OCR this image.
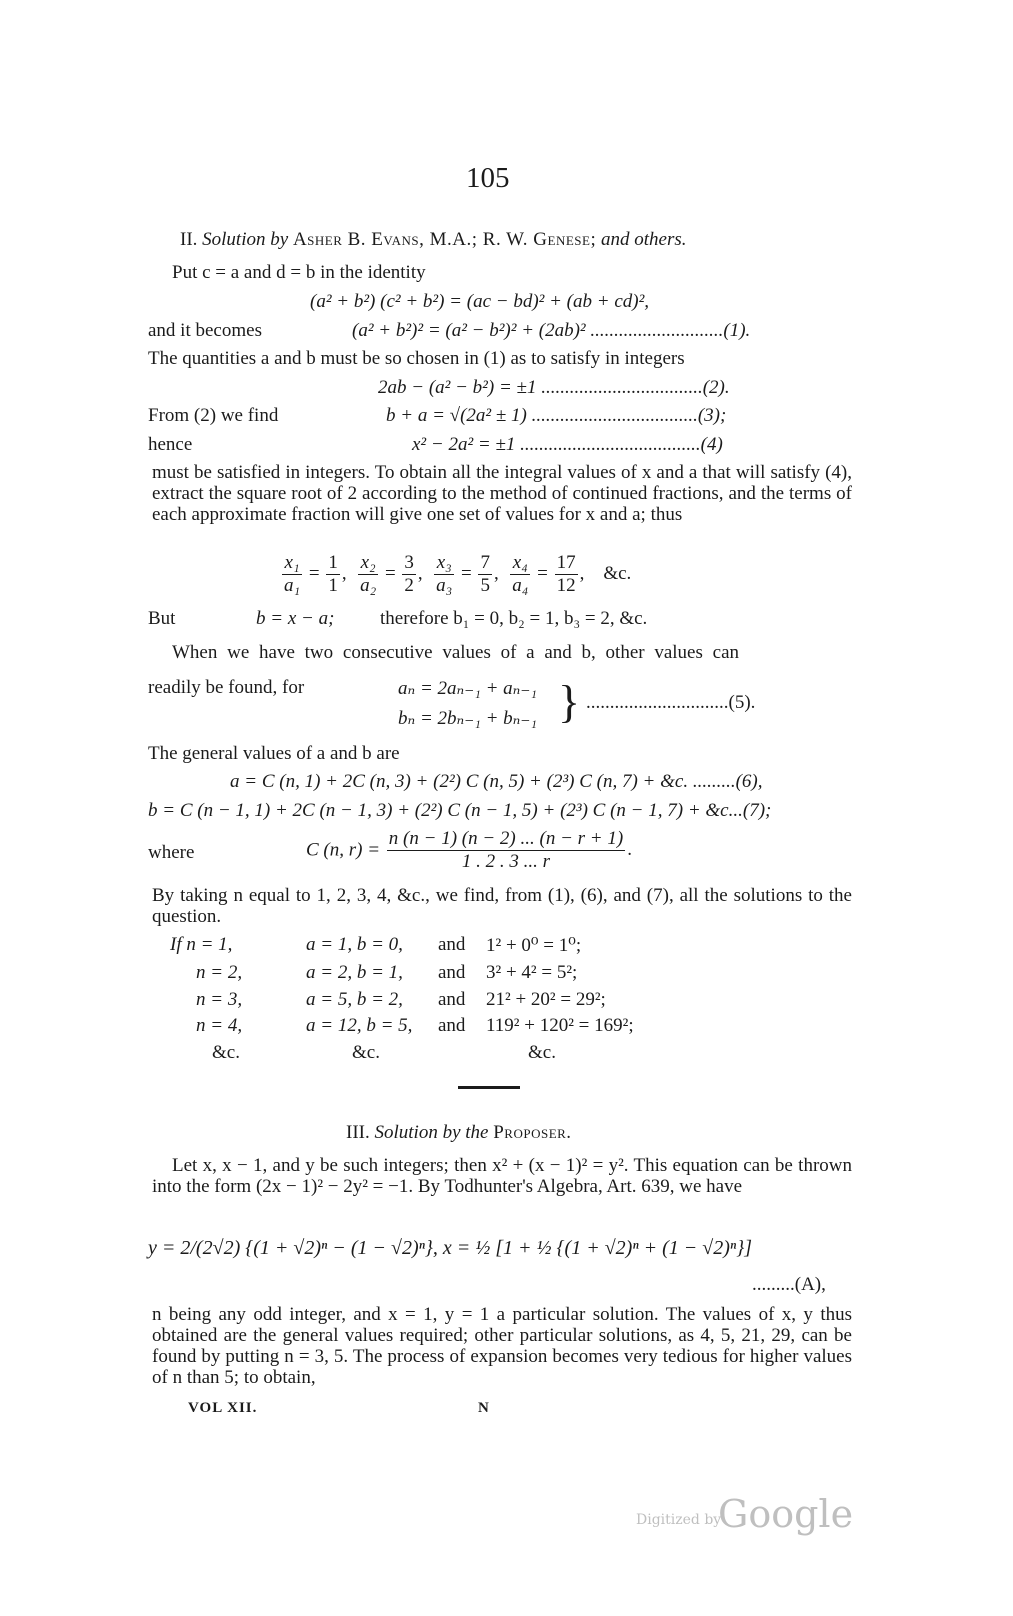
105
II. Solution by Asher B. Evans, M.A.; R. W. Genese; and others.
Put c = a and d = b in the identity
(a² + b²) (c² + b²) = (ac − bd)² + (ab + cd)²,
and it becomes	(a² + b²)² = (a² − b²)² + (2ab)² ............................(1).
The quantities a and b must be so chosen in (1) as to satisfy in integers
2ab − (a² − b²) = ±1 ..................................(2).
From (2) we find	b + a = √(2a² ± 1) ...................................(3);
hence	x² − 2a² = ±1 ......................................(4)
must be satisfied in integers. To obtain all the integral values of x and a that will satisfy (4), extract the square root of 2 according to the method of continued fractions, and the terms of each approximate fraction will give one set of values for x and a; thus
$\frac{\text{x₁}}{\text{a₁}} = \frac{1}{1}$ , $\frac{\text{x₂}}{\text{a₂}} = \frac{3}{2}$ , $\frac{\text{x₃}}{\text{a₃}} = \frac{7}{5}$ , $\frac{\text{x₄}}{\text{a₄}} = \frac{17}{12}$ ,    &c.
But	b = x − a; therefore b₁ = 0, b₂ = 1, b₃ = 2, &c.
When we have two consecutive values of a and b, other values can
readily be found, for	aₙ = 2aₙ₋₁ + aₙ₋₁
bₙ = 2bₙ₋₁ + bₙ₋₁ } ..............................(5).
The general values of a and b are
a = C (n, 1) + 2C (n, 3) + (2²) C (n, 5) + (2³) C (n, 7) + &c. .........(6),
b = C (n − 1, 1) + 2C (n − 1, 3) + (2²) C (n − 1, 5) + (2³) C (n − 1, 7) + &c...(7);
where	C (n, $r) = \frac{n (n - 1) (n - 2) ... (n - r + 1)}{1 . 2 . 3 ... r}$ .
By taking n equal to 1, 2, 3, 4, &c., we find, from (1), (6), and (7), all the solutions to the question.
If n = 1,	a = 1, b = 0, and 1² + 0⁰ = 1⁰;
n = 2,	a = 2, b = 1, and 3² + 4² = 5²;
n = 3,	a = 5, b = 2, and 21² + 20² = 29²;
n = 4,	a = 12, b = 5, and 119² + 120² = 169²;
&c.	&c.	&c.
III. Solution by the Proposer.
Let x, x − 1, and y be such integers; then x² + (x − 1)² = y². This equation can be thrown into the form (2x − 1)² − 2y² = −1. By Todhunter's Algebra, Art. 639, we have
y = 2/(2√2) {(1 + √2)ⁿ − (1 − √2)ⁿ}, x = ½ [1 + ½ {(1 + √2)ⁿ + (1 − √2)ⁿ}]
.........(A),
n being any odd integer, and x = 1, y = 1 a particular solution. The values of x, y thus obtained are the general values required; other particular solutions, as 4, 5, 21, 29, can be found by putting n = 3, 5. The process of expansion becomes very tedious for higher values of n than 5; to obtain,
VOL XII.	N
Digitized by
Google
